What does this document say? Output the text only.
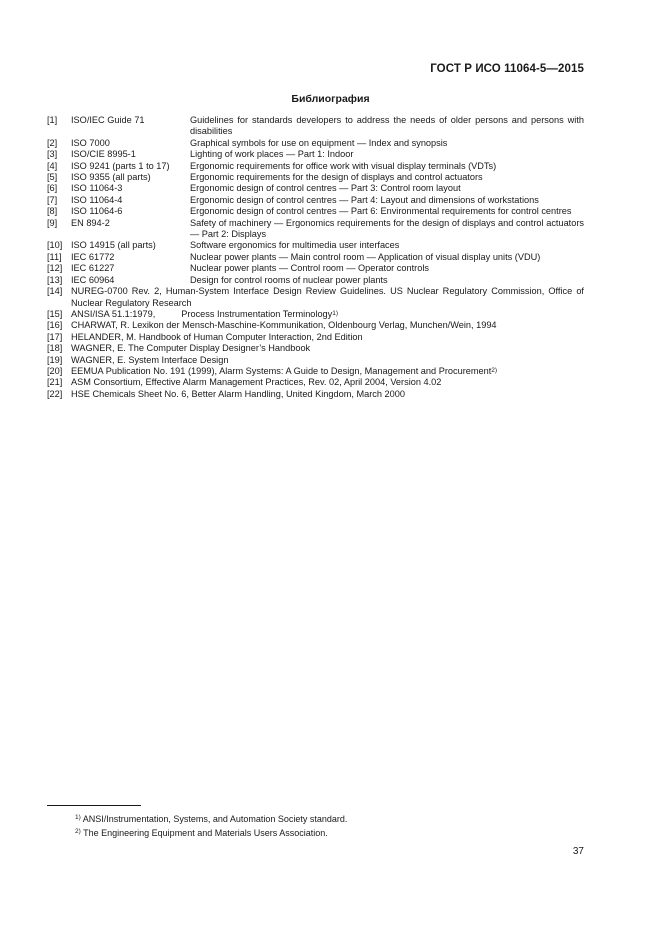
ГОСТ Р ИСО 11064-5—2015
Библиография
[1]	ISO/IEC Guide 71	Guidelines for standards developers to address the needs of older persons and persons with disabilities
[2]	ISO 7000	Graphical symbols for use on equipment — Index and synopsis
[3]	ISO/CIE 8995-1	Lighting of work places — Part 1: Indoor
[4]	ISO 9241 (parts 1 to 17)	Ergonomic requirements for office work with visual display terminals (VDTs)
[5]	ISO 9355 (all parts)	Ergonomic requirements for the design of displays and control actuators
[6]	ISO 11064-3	Ergonomic design of control centres — Part 3: Control room layout
[7]	ISO 11064-4	Ergonomic design of control centres — Part 4: Layout and dimensions of workstations
[8]	ISO 11064-6	Ergonomic design of control centres — Part 6: Environmental requirements for control centres
[9]	EN 894-2	Safety of machinery — Ergonomics requirements for the design of displays and control actuators — Part 2: Displays
[10] ISO 14915 (all parts)	Software ergonomics for multimedia user interfaces
[11]	IEC 61772	Nuclear power plants — Main control room — Application of visual display units (VDU)
[12] IEC 61227	Nuclear power plants — Control room — Operator controls
[13] IEC 60964	Design for control rooms of nuclear power plants
[14] NUREG-0700 Rev. 2, Human-System Interface Design Review Guidelines. US Nuclear Regulatory Commission, Office of Nuclear Regulatory Research
[15] ANSI/ISA 51.1:1979,	Process Instrumentation Terminology$^{1)}$
[16] CHARWAT, R. Lexikon der Mensch-Maschine-Kommunikation, Oldenbourg Verlag, Munchen/Wein, 1994
[17] HELANDER, M. Handbook of Human Computer Interaction, 2nd Edition
[18] WAGNER, E. The Computer Display Designer’s Handbook
[19] WAGNER, E. System Interface Design
[20] EEMUA Publication No. 191 (1999), Alarm Systems: A Guide to Design, Management and Procurement$^{2)}$
[21] ASM Consortium, Effective Alarm Management Practices, Rev. 02, April 2004, Version 4.02
[22] HSE Chemicals Sheet No. 6, Better Alarm Handling, United Kingdom, March 2000

$^{1)}$ ANSI/Instrumentation, Systems, and Automation Society standard.

$^{2)}$ The Engineering Equipment and Materials Users Association.

37
